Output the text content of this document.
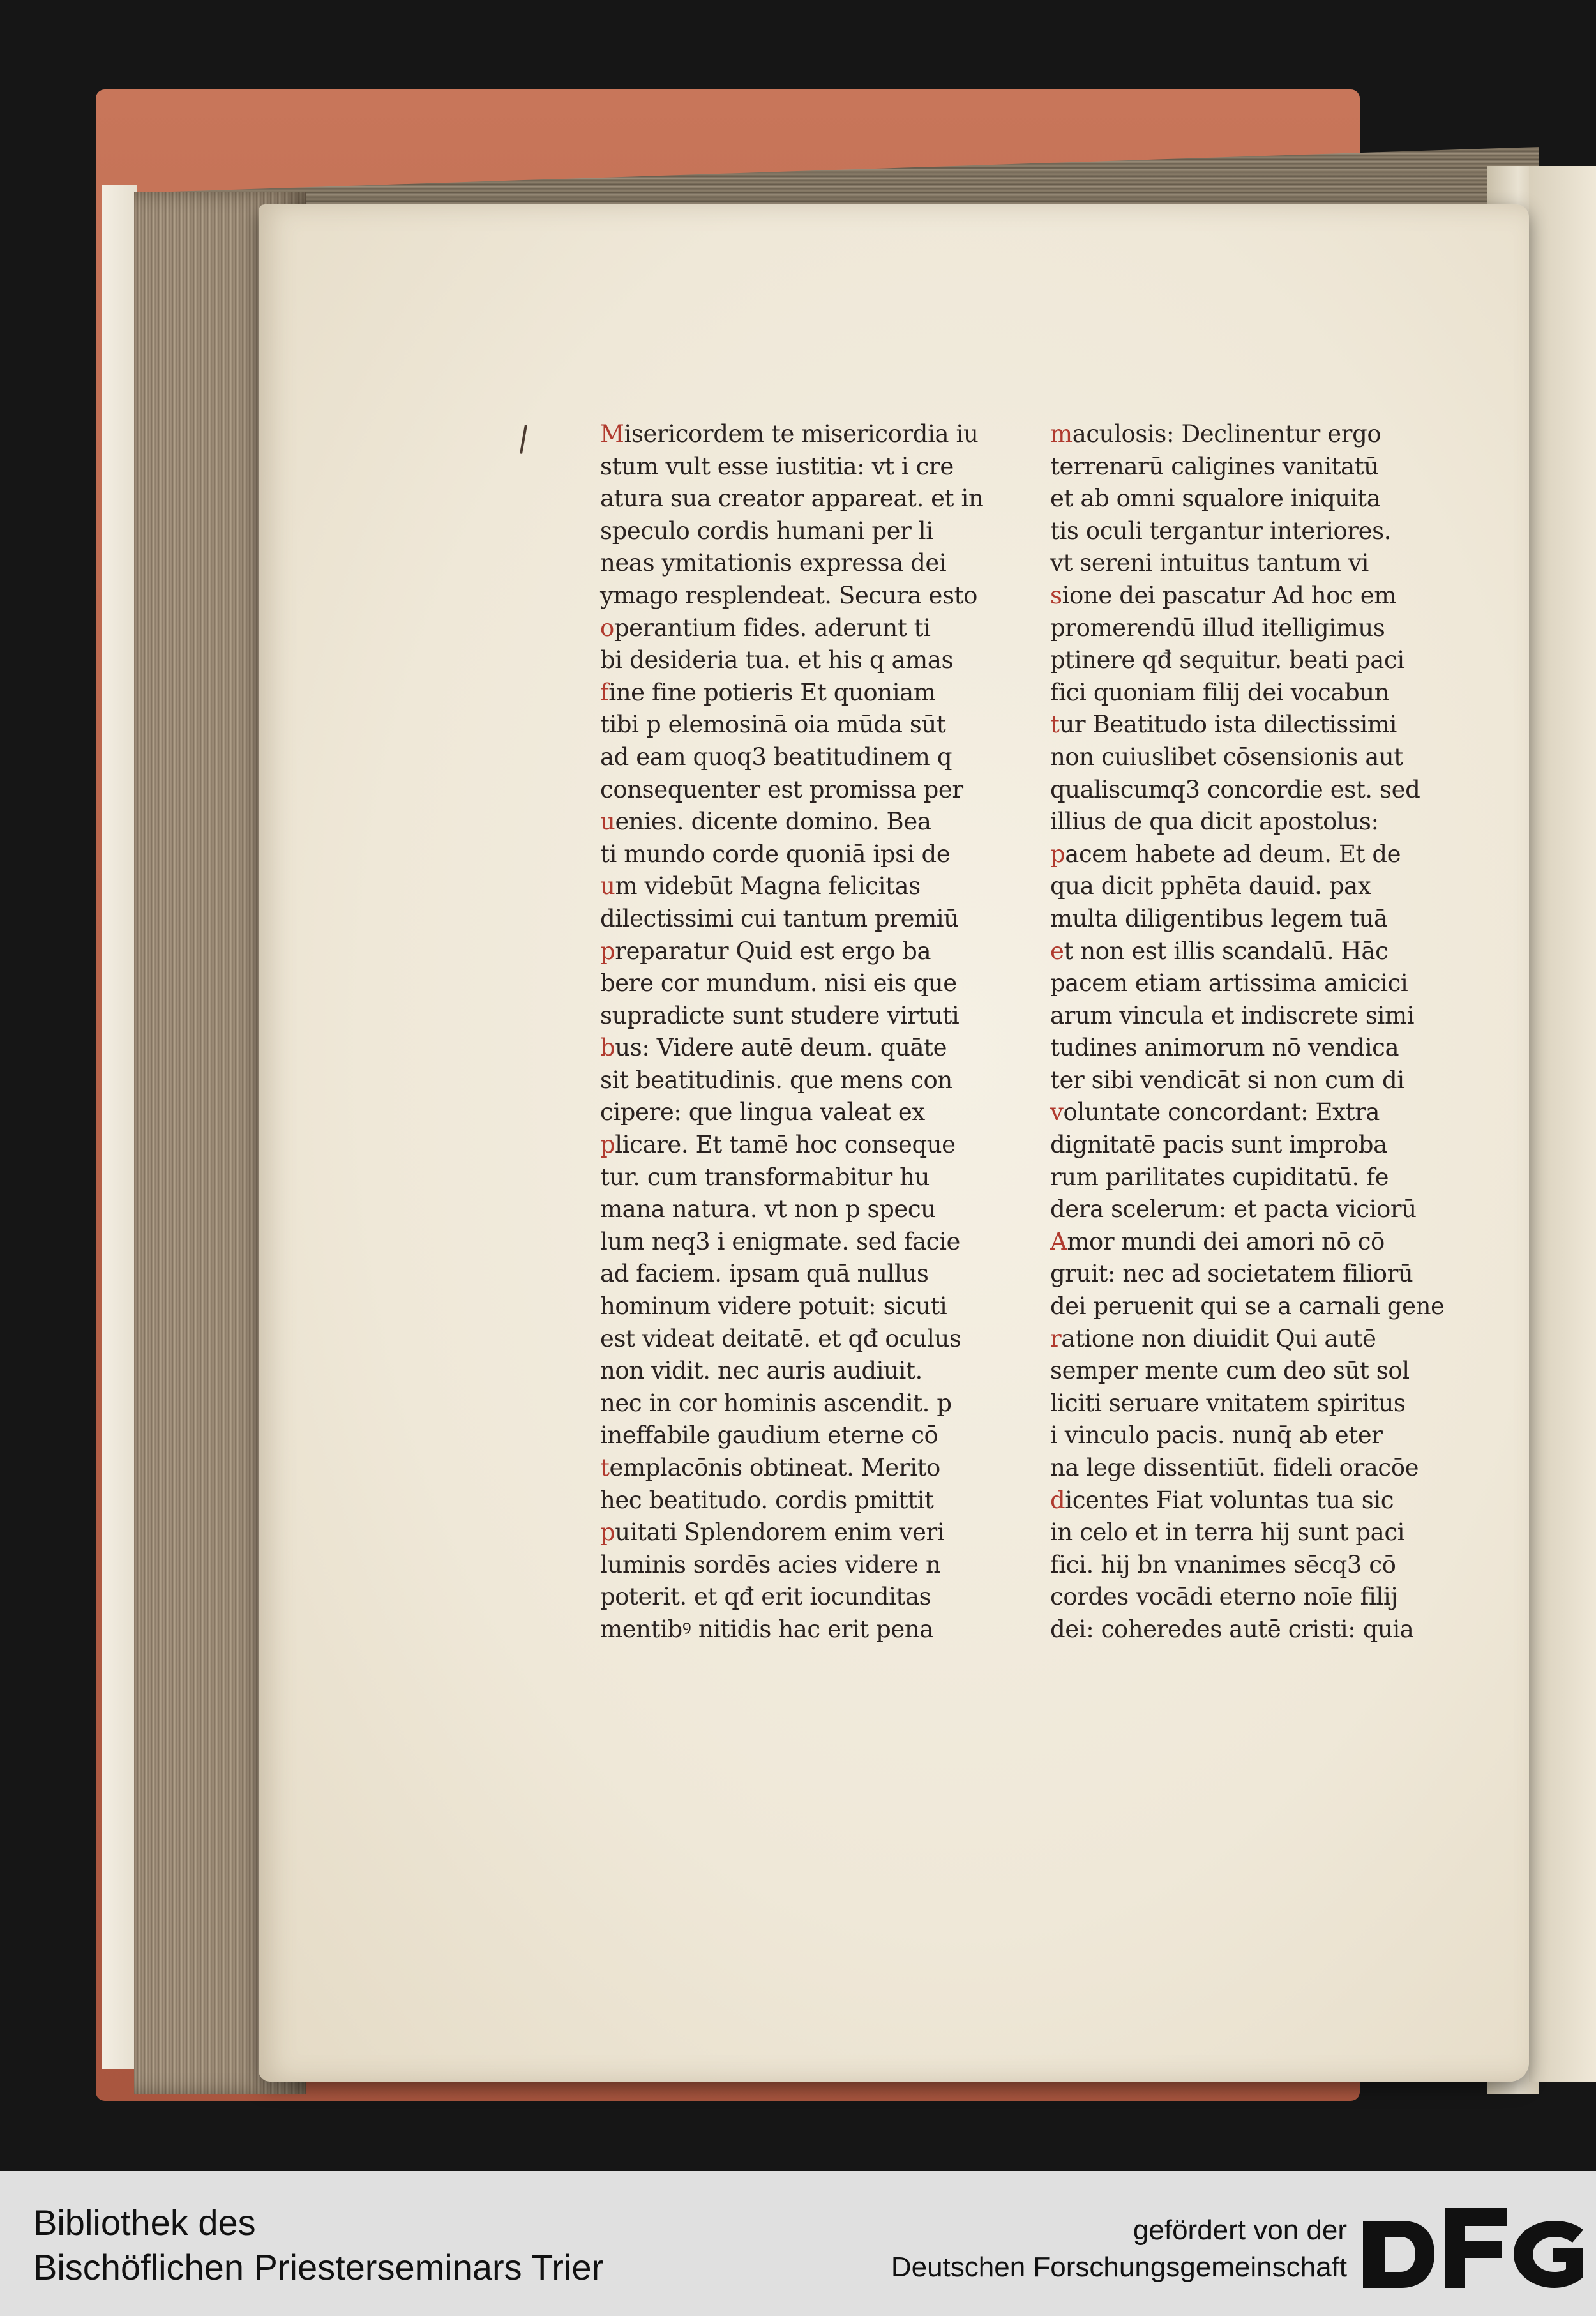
Misericordem te misericordia iu
stum vult esse iustitia: vt i cre
atura sua creator appareat. et in
speculo cordis humani per li
neas ymitationis expressa dei
ymago resplendeat. Secura esto
operantium fides. aderunt ti
bi desideria tua. et his q amas
fine fine potieris Et quoniam
tibi p elemosinā oia mūda sūt
ad eam quoq3 beatitudinem q
consequenter est promissa per
uenies. dicente domino. Bea
ti mundo corde quoniā ipsi de
um videbūt Magna felicitas
dilectissimi cui tantum premiū
preparatur Quid est ergo ba
bere cor mundum. nisi eis que
supradicte sunt studere virtuti
bus: Videre autē deum. quāte
sit beatitudinis. que mens con
cipere: que lingua valeat ex
plicare. Et tamē hoc conseque
tur. cum transformabitur hu
mana natura. vt non p specu
lum neq3 i enigmate. sed facie
ad faciem. ipsam quā nullus
hominum videre potuit: sicuti
est videat deitatē. et qđ oculus
non vidit. nec auris audiuit.
nec in cor hominis ascendit. p
ineffabile gaudium eterne cō
templacōnis obtineat. Merito
hec beatitudo. cordis pmittit
puitati Splendorem enim veri
luminis sordēs acies videre n
poterit. et qđ erit iocunditas
mentibꝰ nitidis hac erit pena
maculosis: Declinentur ergo
terrenarū caligines vanitatū
et ab omni squalore iniquita
tis oculi tergantur interiores.
vt sereni intuitus tantum vi
sione dei pascatur Ad hoc em
promerendū illud itelligimus
ptinere qđ sequitur. beati paci
fici quoniam filij dei vocabun
tur Beatitudo ista dilectissimi
non cuiuslibet cōsensionis aut
qualiscumq3 concordie est. sed
illius de qua dicit apostolus:
pacem habete ad deum. Et de
qua dicit pphēta dauid. pax
multa diligentibus legem tuā
et non est illis scandalū. Hāc
pacem etiam artissima amicici
arum vincula et indiscrete simi
tudines animorum nō vendica
ter sibi vendicāt si non cum di
voluntate concordant: Extra
dignitatē pacis sunt improba
rum parilitates cupiditatū. fe
dera scelerum: et pacta viciorū
Amor mundi dei amori nō cō
gruit: nec ad societatem filiorū
dei peruenit qui se a carnali gene
ratione non diuidit Qui autē
semper mente cum deo sūt sol
liciti seruare vnitatem spiritus
i vinculo pacis. nunq̄ ab eter
na lege dissentiūt. fideli oracōe
dicentes Fiat voluntas tua sic
in celo et in terra hij sunt paci
fici. hij bn vnanimes sēcq3 cō
cordes vocādi eterno noīe filij
dei: coheredes autē cristi: quia
Bibliothek des
Bischöflichen Priesterseminars Trier
gefördert von der
Deutschen Forschungsgemeinschaft
